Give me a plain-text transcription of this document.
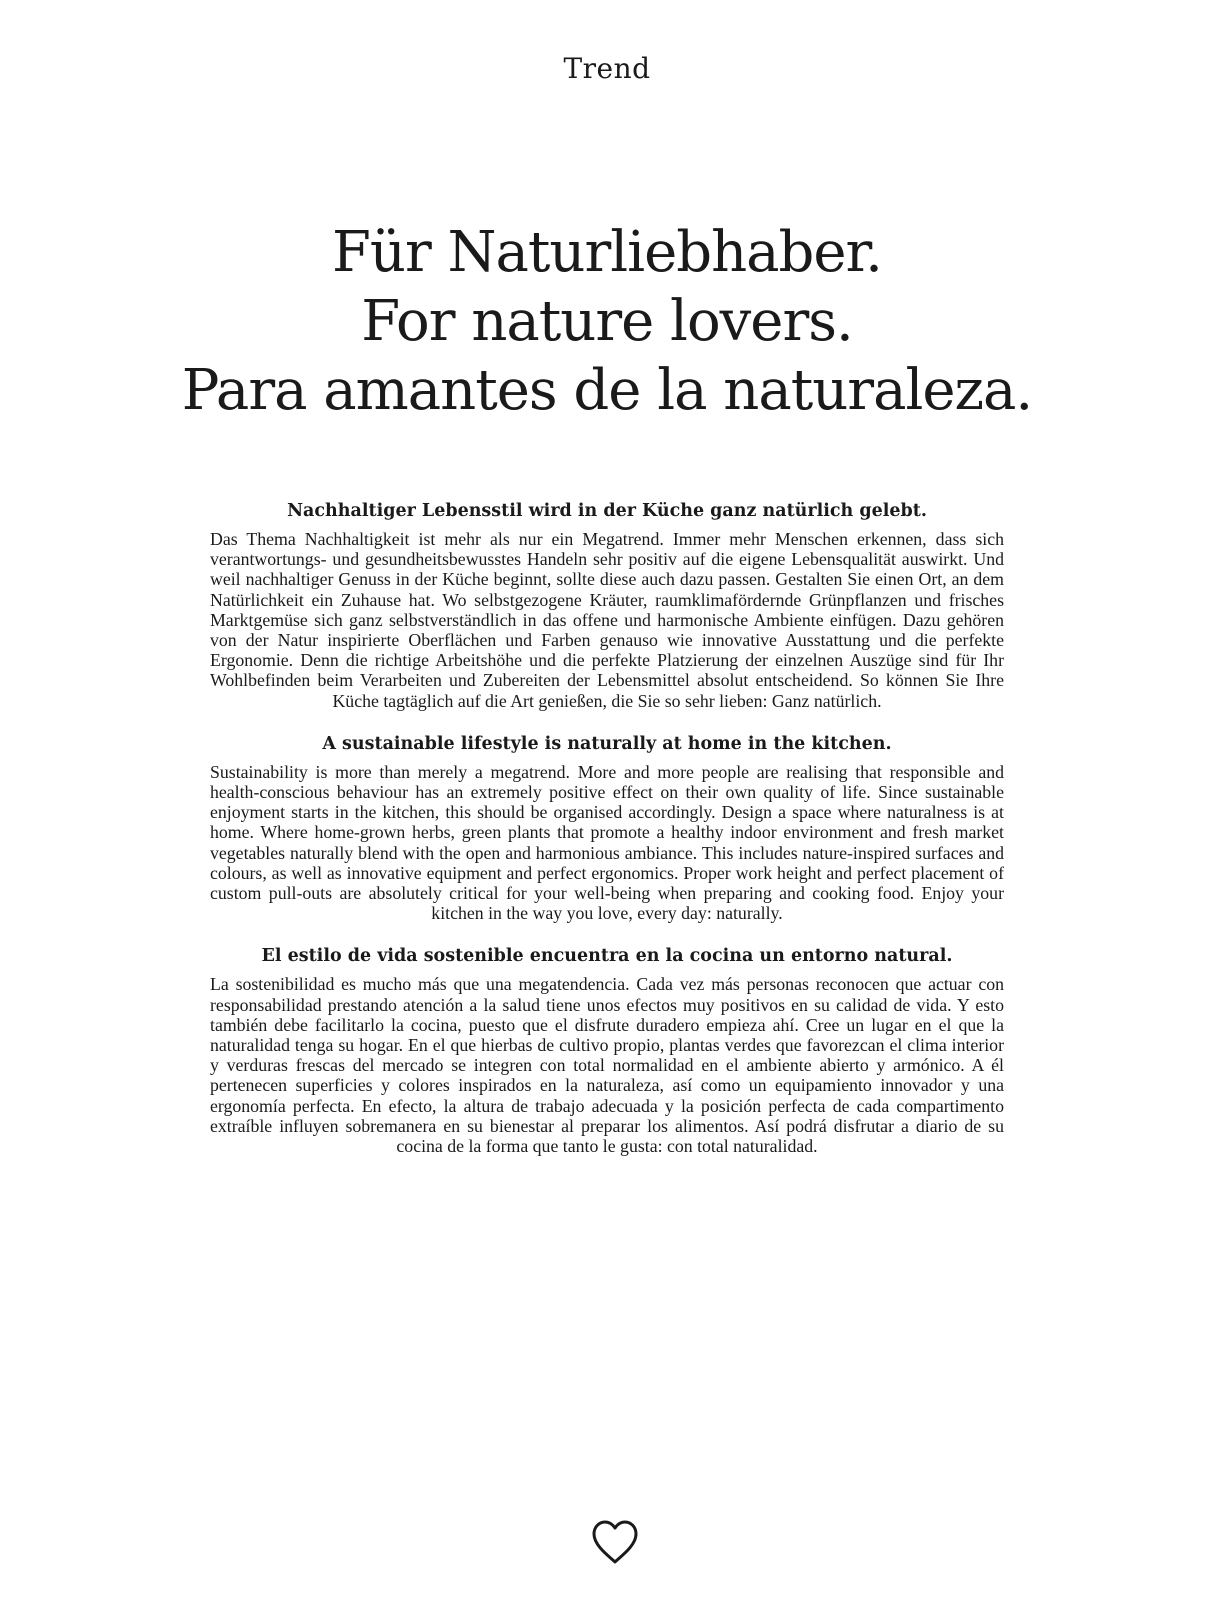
Trend
Für Naturliebhaber.
For nature lovers.
Para amantes de la naturaleza.
Nachhaltiger Lebensstil wird in der Küche ganz natürlich gelebt.

Das Thema Nachhaltigkeit ist mehr als nur ein Megatrend. Immer mehr Menschen erkennen, dass sich verantwortungs- und gesundheitsbewusstes Handeln sehr positiv auf die eigene Lebensqualität auswirkt. Und weil nachhaltiger Genuss in der Küche beginnt, sollte diese auch dazu passen. Gestalten Sie einen Ort, an dem Natürlichkeit ein Zuhause hat. Wo selbstgezogene Kräuter, raumklimafördernde Grünpflanzen und frisches Marktgemüse sich ganz selbstverständlich in das offene und harmonische Ambiente einfügen. Dazu gehören von der Natur inspirierte Oberflächen und Farben genauso wie innovative Ausstattung und die perfekte Ergonomie. Denn die richtige Arbeitshöhe und die perfekte Platzierung der einzelnen Auszüge sind für Ihr Wohlbefinden beim Verarbeiten und Zubereiten der Lebensmittel absolut entscheidend. So können Sie Ihre Küche tagtäglich auf die Art genießen, die Sie so sehr lieben: Ganz natürlich.

A sustainable lifestyle is naturally at home in the kitchen.

Sustainability is more than merely a megatrend. More and more people are realising that responsible and health-conscious behaviour has an extremely positive effect on their own quality of life. Since sustainable enjoyment starts in the kitchen, this should be organised accordingly. Design a space where naturalness is at home. Where home-grown herbs, green plants that promote a healthy indoor environment and fresh market vegetables naturally blend with the open and harmonious ambiance. This includes nature-inspired surfaces and colours, as well as innovative equipment and perfect ergonomics. Proper work height and perfect placement of custom pull-outs are absolutely critical for your well-being when preparing and cooking food. Enjoy your kitchen in the way you love, every day: naturally.

El estilo de vida sostenible encuentra en la cocina un entorno natural.

La sostenibilidad es mucho más que una megatendencia. Cada vez más personas reconocen que actuar con responsabilidad prestando atención a la salud tiene unos efectos muy positivos en su calidad de vida. Y esto también debe facilitarlo la cocina, puesto que el disfrute duradero empieza ahí. Cree un lugar en el que la naturalidad tenga su hogar. En el que hierbas de cultivo propio, plantas verdes que favorezcan el clima interior y verduras frescas del mercado se integren con total normalidad en el ambiente abierto y armónico. A él pertenecen superficies y colores inspirados en la naturaleza, así como un equipamiento innovador y una ergonomía perfecta. En efecto, la altura de trabajo adecuada y la posición perfecta de cada compartimento extraíble influyen sobremanera en su bienestar al preparar los alimentos. Así podrá disfrutar a diario de su cocina de la forma que tanto le gusta: con total naturalidad.
